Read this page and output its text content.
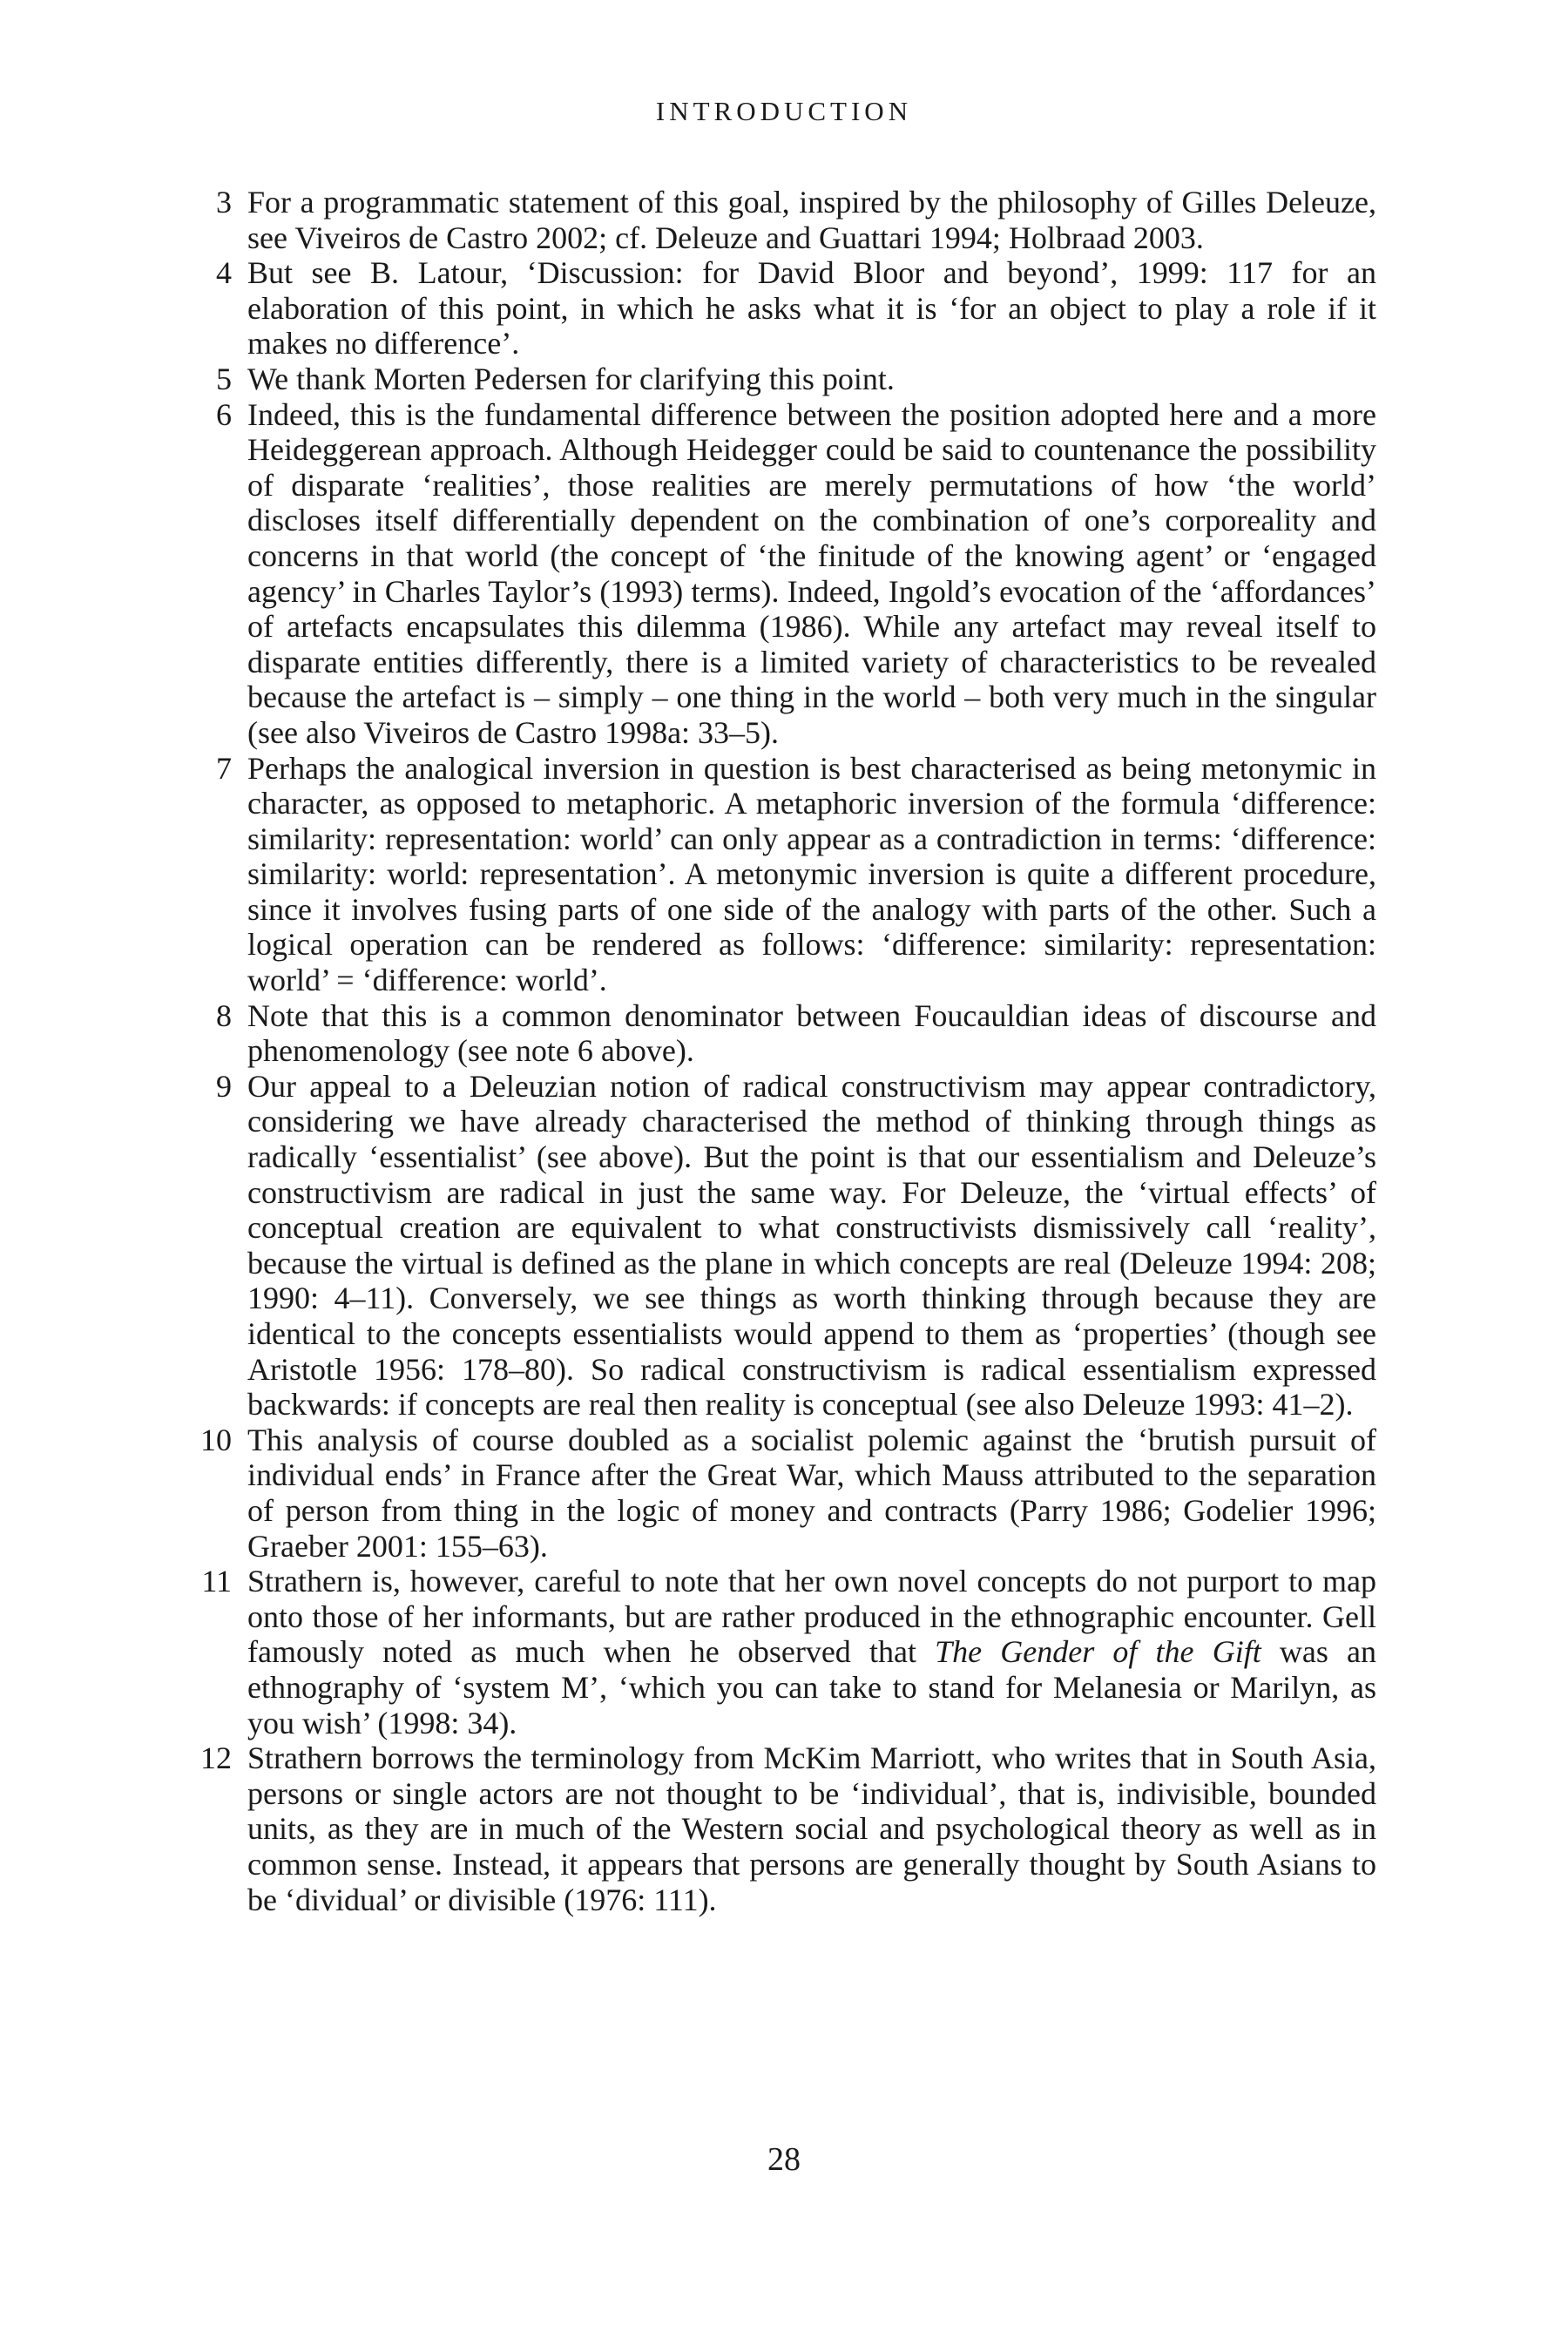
INTRODUCTION
3 For a programmatic statement of this goal, inspired by the philosophy of Gilles Deleuze, see Viveiros de Castro 2002; cf. Deleuze and Guattari 1994; Holbraad 2003.
4 But see B. Latour, ‘Discussion: for David Bloor and beyond’, 1999: 117 for an elaboration of this point, in which he asks what it is ‘for an object to play a role if it makes no difference’.
5 We thank Morten Pedersen for clarifying this point.
6 Indeed, this is the fundamental difference between the position adopted here and a more Heideggerean approach. Although Heidegger could be said to countenance the possibility of disparate ‘realities’, those realities are merely permutations of how ‘the world’ discloses itself differentially dependent on the combination of one’s corporeality and concerns in that world (the concept of ‘the finitude of the knowing agent’ or ‘engaged agency’ in Charles Taylor’s (1993) terms). Indeed, Ingold’s evocation of the ‘affordances’ of artefacts encapsulates this dilemma (1986). While any artefact may reveal itself to disparate entities differently, there is a limited variety of characteristics to be revealed because the artefact is – simply – one thing in the world – both very much in the singular (see also Viveiros de Castro 1998a: 33–5).
7 Perhaps the analogical inversion in question is best characterised as being metonymic in character, as opposed to metaphoric. A metaphoric inversion of the formula ‘difference: similarity: representation: world’ can only appear as a contradiction in terms: ‘difference: similarity: world: representation’. A metonymic inversion is quite a different procedure, since it involves fusing parts of one side of the analogy with parts of the other. Such a logical operation can be rendered as follows: ‘difference: similarity: representation: world’ = ‘difference: world’.
8 Note that this is a common denominator between Foucauldian ideas of discourse and phenomenology (see note 6 above).
9 Our appeal to a Deleuzian notion of radical constructivism may appear contradictory, considering we have already characterised the method of thinking through things as radically ‘essentialist’ (see above). But the point is that our essentialism and Deleuze’s constructivism are radical in just the same way. For Deleuze, the ‘virtual effects’ of conceptual creation are equivalent to what constructivists dismissively call ‘reality’, because the virtual is defined as the plane in which concepts are real (Deleuze 1994: 208; 1990: 4–11). Conversely, we see things as worth thinking through because they are identical to the concepts essentialists would append to them as ‘properties’ (though see Aristotle 1956: 178–80). So radical constructivism is radical essentialism expressed backwards: if concepts are real then reality is conceptual (see also Deleuze 1993: 41–2).
10 This analysis of course doubled as a socialist polemic against the ‘brutish pursuit of individual ends’ in France after the Great War, which Mauss attributed to the separation of person from thing in the logic of money and contracts (Parry 1986; Godelier 1996; Graeber 2001: 155–63).
11 Strathern is, however, careful to note that her own novel concepts do not purport to map onto those of her informants, but are rather produced in the ethnographic encounter. Gell famously noted as much when he observed that The Gender of the Gift was an ethnography of ‘system M’, ‘which you can take to stand for Melanesia or Marilyn, as you wish’ (1998: 34).
12 Strathern borrows the terminology from McKim Marriott, who writes that in South Asia, persons or single actors are not thought to be ‘individual’, that is, indivisible, bounded units, as they are in much of the Western social and psychological theory as well as in common sense. Instead, it appears that persons are generally thought by South Asians to be ‘dividual’ or divisible (1976: 111).
28
